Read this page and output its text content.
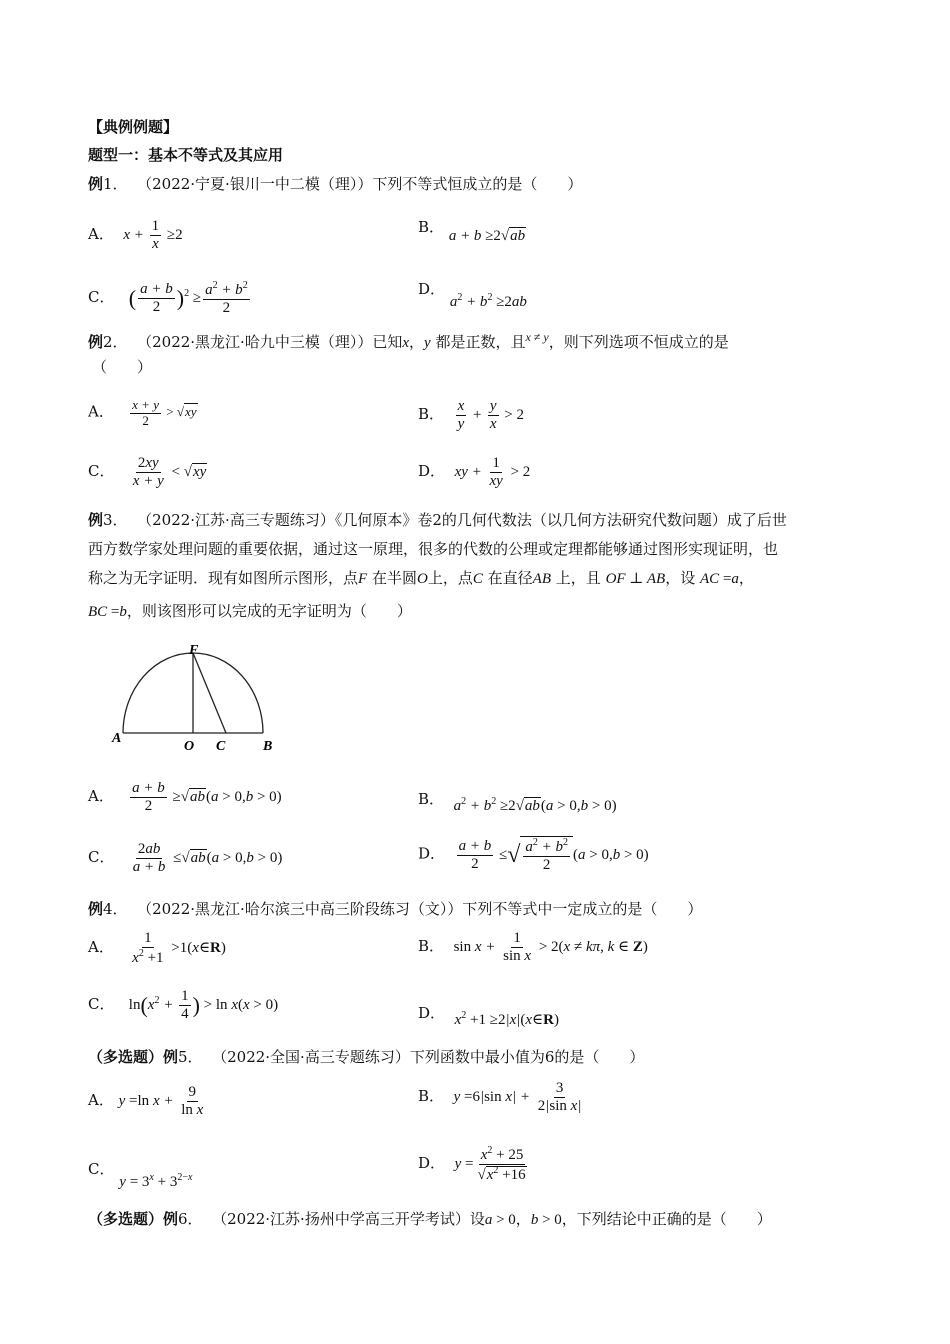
【典例例题】
题型一：基本不等式及其应用
例1． （2022·宁夏·银川一中二模（理））下列不等式恒成立的是（　　）
A． $x + \frac{1}{x} \ge 2$	B． a + b ≥2√ab
C． ( $\frac{a + b}{2} )^2 \ge \frac{a^2 + b^2}{2}$	D． $a^2 + b^2 \ge 2ab$
例2． （2022·黑龙江·哈九中三模（理））已知x，y 都是正数，且$^{x \ne y}$，则下列选项不恒成立的是
（　　）
A． $\frac{x + y}{2} > √xy$	B． $\frac{x}{y} + \frac{y}{x} > 2$
C． $\frac{2xy}{x + y} < √xy$	D． xy + $\frac{1}{xy} > 2$
例3． （2022·江苏·高三专题练习）《几何原本》卷2的几何代数法（以几何方法研究代数问题）成了后世
西方数学家处理问题的重要依据，通过这一原理，很多的代数的公理或定理都能够通过图形实现证明，也
称之为无字证明．现有如图所示图形，点F 在半圆O上，点C 在直径AB 上，且 OF ⊥ AB，设 AC =a，
BC =b，则该图形可以完成的无字证明为（　　）
A
O C	B
F
A． $\frac{a + b}{2} \ge√ab(a > 0,b > 0)$	B． $a^2 + b^2 \ge 2√ab(a > 0,b > 0)$
C． $\frac{2ab}{a + b} \le√ab(a > 0,b > 0)$	D． $\frac{a + b}{2}$ ≤√ $\frac{a^2 + b^2}{2} (a > 0,b > 0)$
例4． （2022·黑龙江·哈尔滨三中高三阶段练习（文））下列不等式中一定成立的是（　　）
A． $\frac{1}{x^2 +1}$ >1(x∈R)	B． $\sin x + \frac{1}{\text{sin x}} > 2(x \ne k\pi$, k ∈ Z)
C． $\ln(x^2 + \frac{1}{4}$ ) > ln x(x > 0)	D． $x^2 +1$ ≥2|x|(x∈R)
（多选题）例5． （2022·全国·高三专题练习）下列函数中最小值为6的是（　　）
A． y =ln $x + \frac{9}{\text{ln x}}$	B． y =6|sin $x| + \frac{3}{\text{2|sin x|}}$
C． $y = 3^x + 3^{2-x}$
D． $y = \frac{x^2 + 25}{√x^2 +16}$
（多选题）例6． （2022·江苏·扬州中学高三开学考试）设a > 0，b > 0，下列结论中正确的是（　　）
